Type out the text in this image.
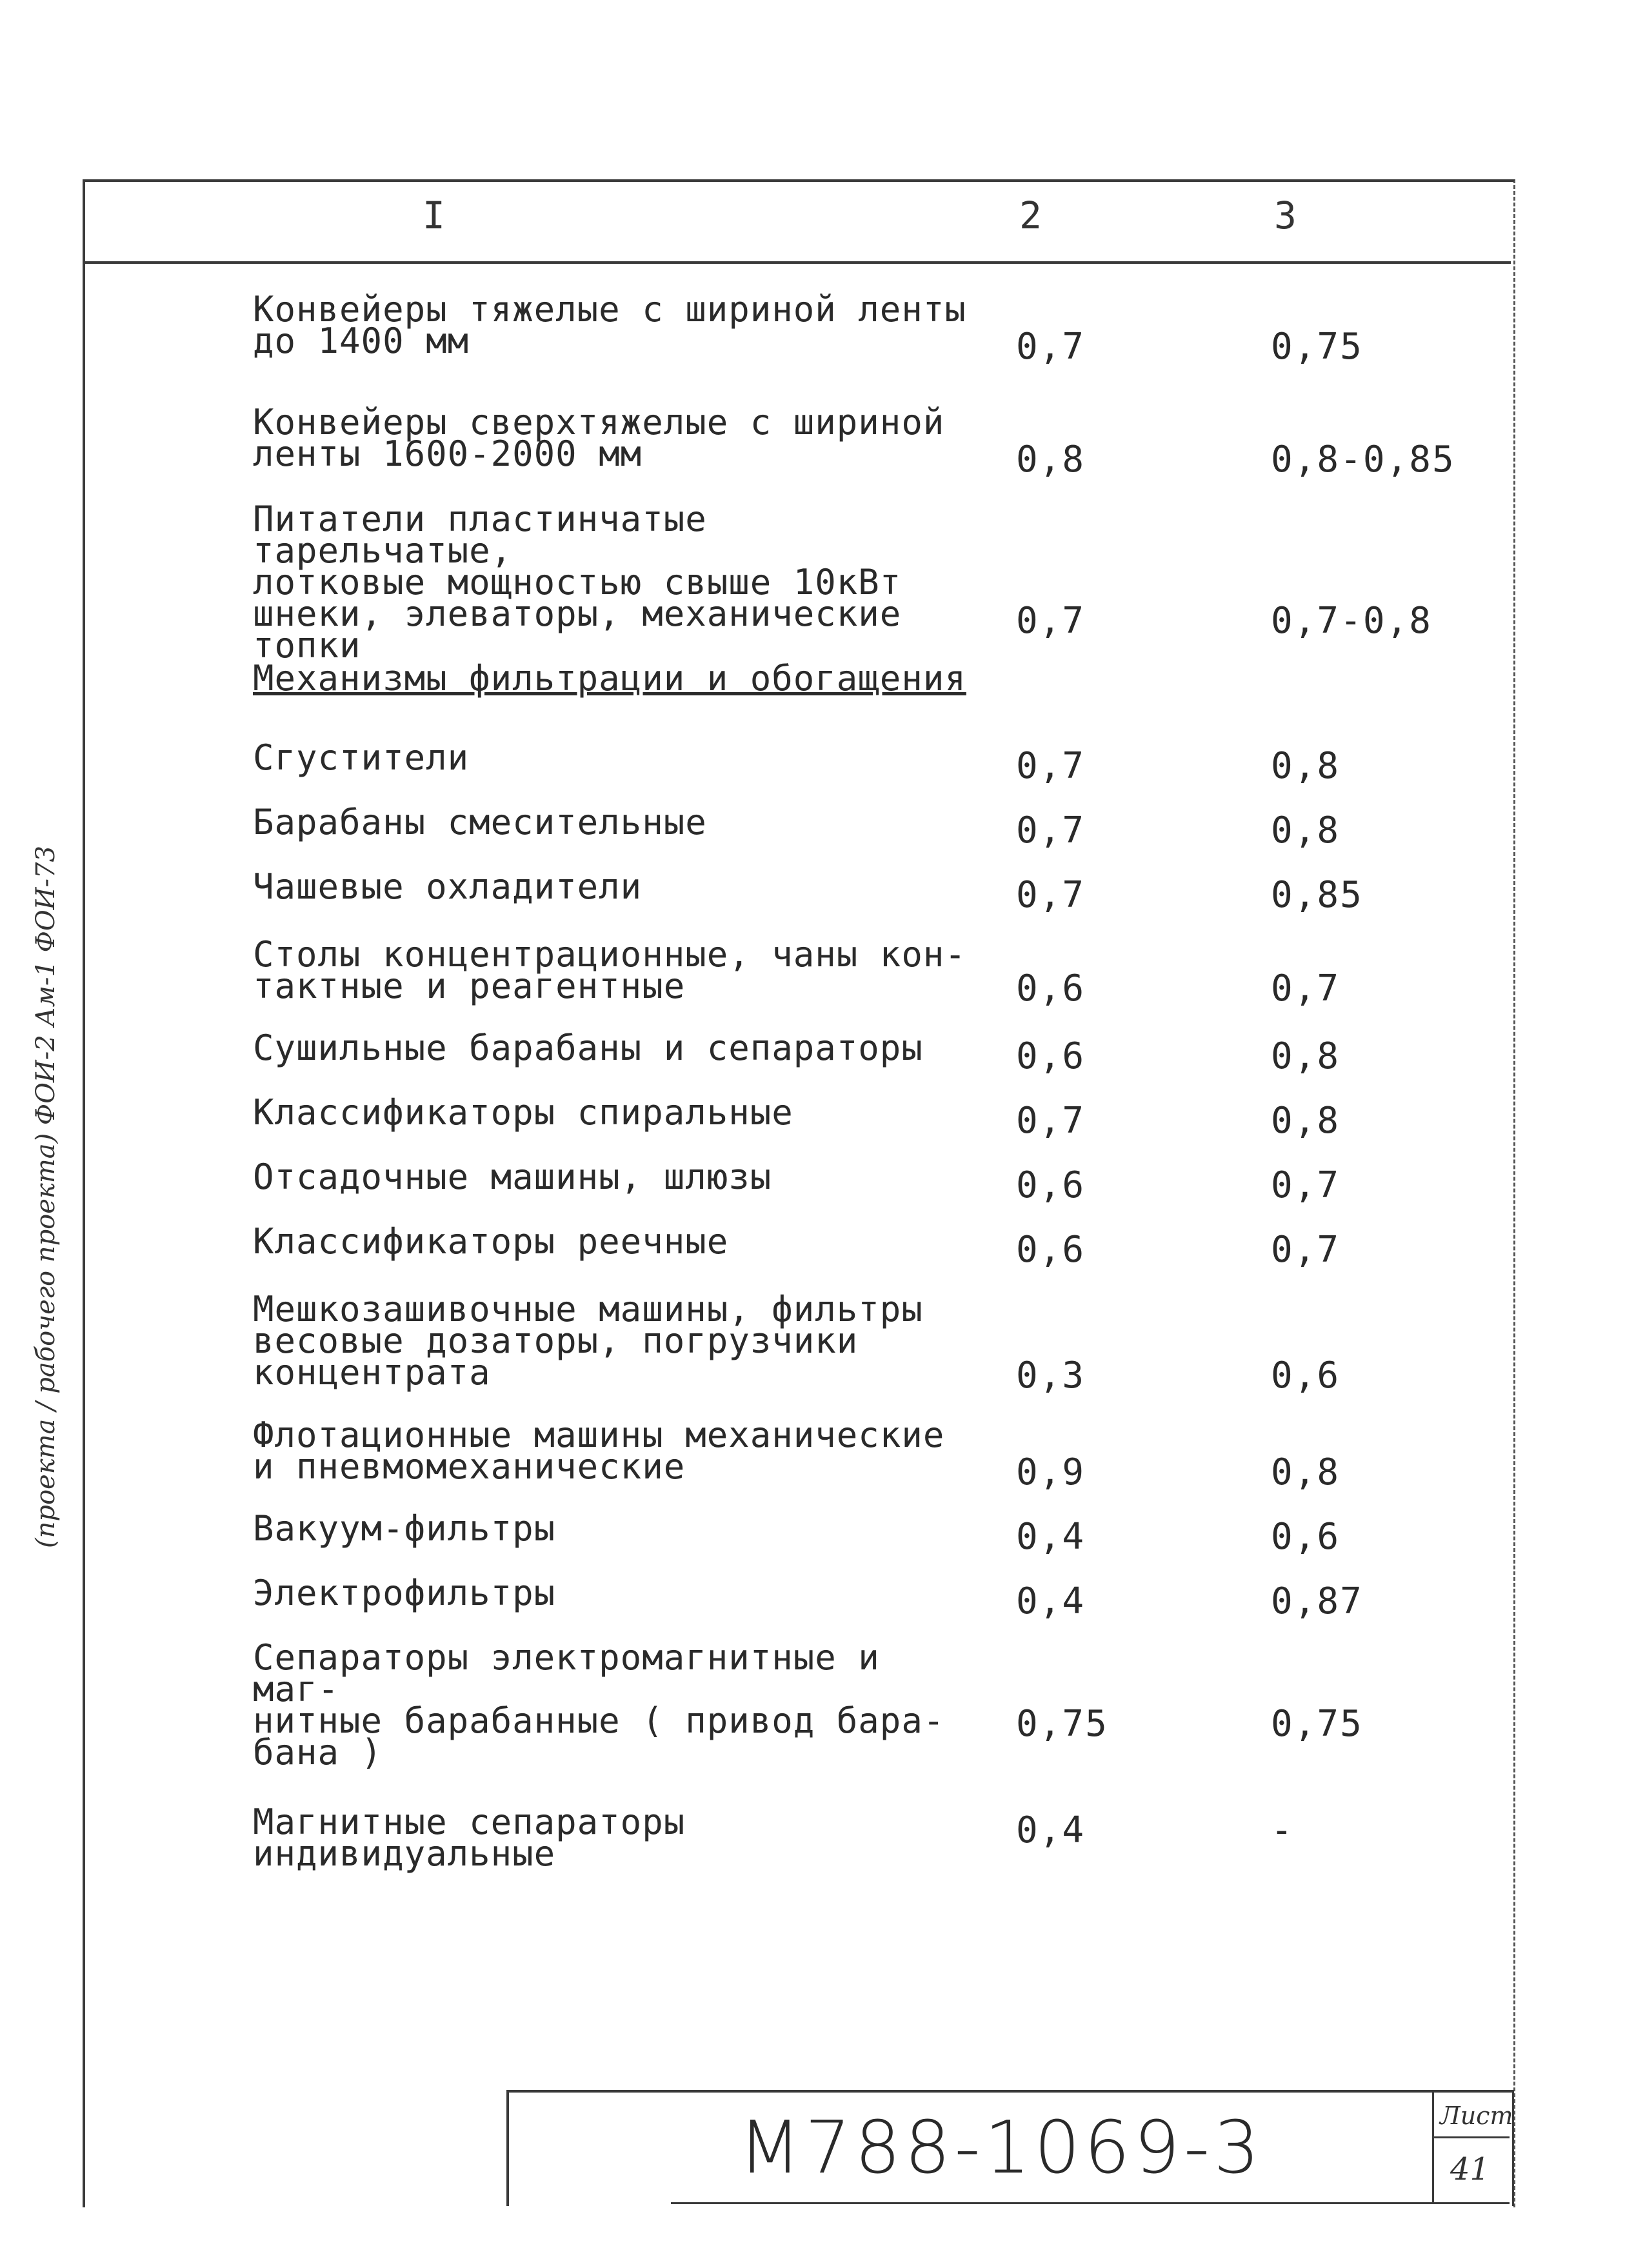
I	2	3
Конвейеры тяжелые с шириной ленты
до 1400 мм	0,7	0,75
Конвейеры сверхтяжелые с шириной
ленты 1600-2000 мм	0,8	0,8-0,85
Питатели пластинчатые тарельчатые,
лотковые мощностью свыше 10кВт
шнеки, элеваторы, механические
топки
0,7	0,7-0,8
Сгустители	0,7	0,8
Барабаны смесительные	0,7	0,8
Чашевые охладители	0,7	0,85
Столы концентрационные, чаны кон-
тактные и реагентные	0,6	0,7
Сушильные барабаны и сепараторы	0,6	0,8
Классификаторы спиральные	0,7	0,8
Отсадочные машины, шлюзы	0,6	0,7
Классификаторы реечные	0,6	0,7
Мешкозашивочные машины, фильтры
весовые дозаторы, погрузчики
концентрата	0,3	0,6
Флотационные машины механические
и пневмомеханические	0,9	0,8
Вакуум-фильтры	0,4	0,6
Электрофильтры	0,4	0,87
Сепараторы электромагнитные и маг-
нитные барабанные ( привод бара-
бана )
0,75	0,75
Магнитные сепараторы индивидуальные
0,4	-
Механизмы фильтрации и обогащения
(проекта / рабочего проекта) ФОИ-2 Ам-1 ФОИ-73
М788-1069-3	Лист
41
